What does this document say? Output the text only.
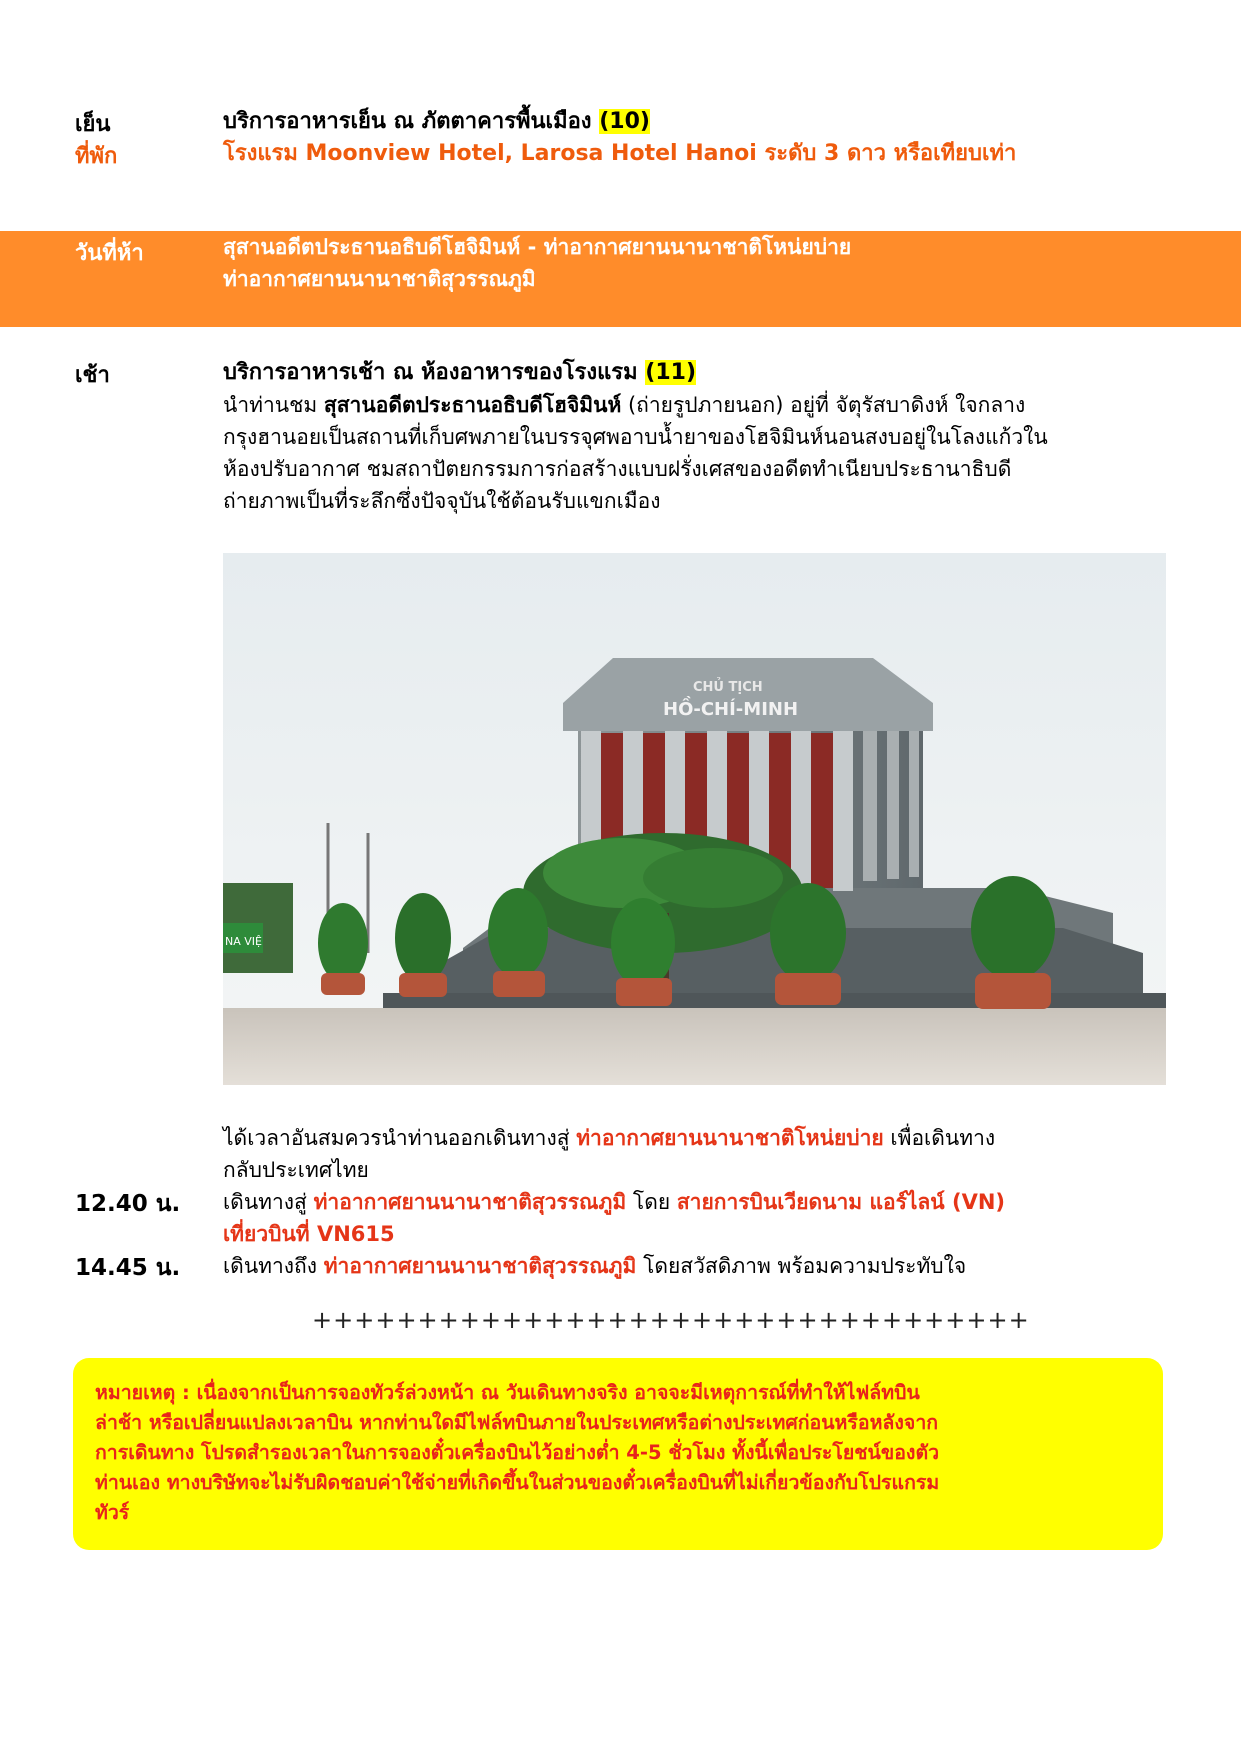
เย็น	บริการอาหารเย็น ณ ภัตตาคารพื้นเมือง (10)
ที่พัก	โรงแรม Moonview Hotel, Larosa Hotel Hanoi ระดับ 3 ดาว หรือเทียบเท่า
วันที่ห้า	สุสานอดีตประธานอธิบดีโฮจิมินห์ - ท่าอากาศยานนานาชาติโหน่ยบ่าย
ท่าอากาศยานนานาชาติสุวรรณภูมิ
เช้า	บริการอาหารเช้า ณ ห้องอาหารของโรงแรม (11)
นำท่านชม สุสานอดีตประธานอธิบดีโฮจิมินห์ (ถ่ายรูปภายนอก) อยู่ที่ จัตุรัสบาดิงห์ ใจกลาง
กรุงฮานอยเป็นสถานที่เก็บศพภายในบรรจุศพอาบน้ำยาของโฮจิมินห์นอนสงบอยู่ในโลงแก้วใน
ห้องปรับอากาศ ชมสถาปัตยกรรมการก่อสร้างแบบฝรั่งเศสของอดีตทำเนียบประธานาธิบดี
ถ่ายภาพเป็นที่ระลึกซึ่งปัจจุบันใช้ต้อนรับแขกเมือง
NA VIỆ
CHỦ TỊCH
HỒ-CHÍ-MINH
ได้เวลาอันสมควรนำท่านออกเดินทางสู่ ท่าอากาศยานนานาชาติโหน่ยบ่าย เพื่อเดินทาง
กลับประเทศไทย
12.40 น. เดินทางสู่ ท่าอากาศยานนานาชาติสุวรรณภูมิ โดย สายการบินเวียดนาม แอร์ไลน์ (VN)
เที่ยวบินที่ VN615
14.45 น. เดินทางถึง ท่าอากาศยานนานาชาติสุวรรณภูมิ โดยสวัสดิภาพ พร้อมความประทับใจ
++++++++++++++++++++++++++++++++++
หมายเหตุ : เนื่องจากเป็นการจองทัวร์ล่วงหน้า ณ วันเดินทางจริง อาจจะมีเหตุการณ์ที่ทำให้ไฟล์ทบิน
ล่าช้า หรือเปลี่ยนแปลงเวลาบิน หากท่านใดมีไฟล์ทบินภายในประเทศหรือต่างประเทศก่อนหรือหลังจาก
การเดินทาง โปรดสำรองเวลาในการจองตั๋วเครื่องบินไว้อย่างต่ำ 4-5 ชั่วโมง ทั้งนี้เพื่อประโยชน์ของตัว
ท่านเอง ทางบริษัทจะไม่รับผิดชอบค่าใช้จ่ายที่เกิดขึ้นในส่วนของตั๋วเครื่องบินที่ไม่เกี่ยวข้องกับโปรแกรม
ทัวร์
